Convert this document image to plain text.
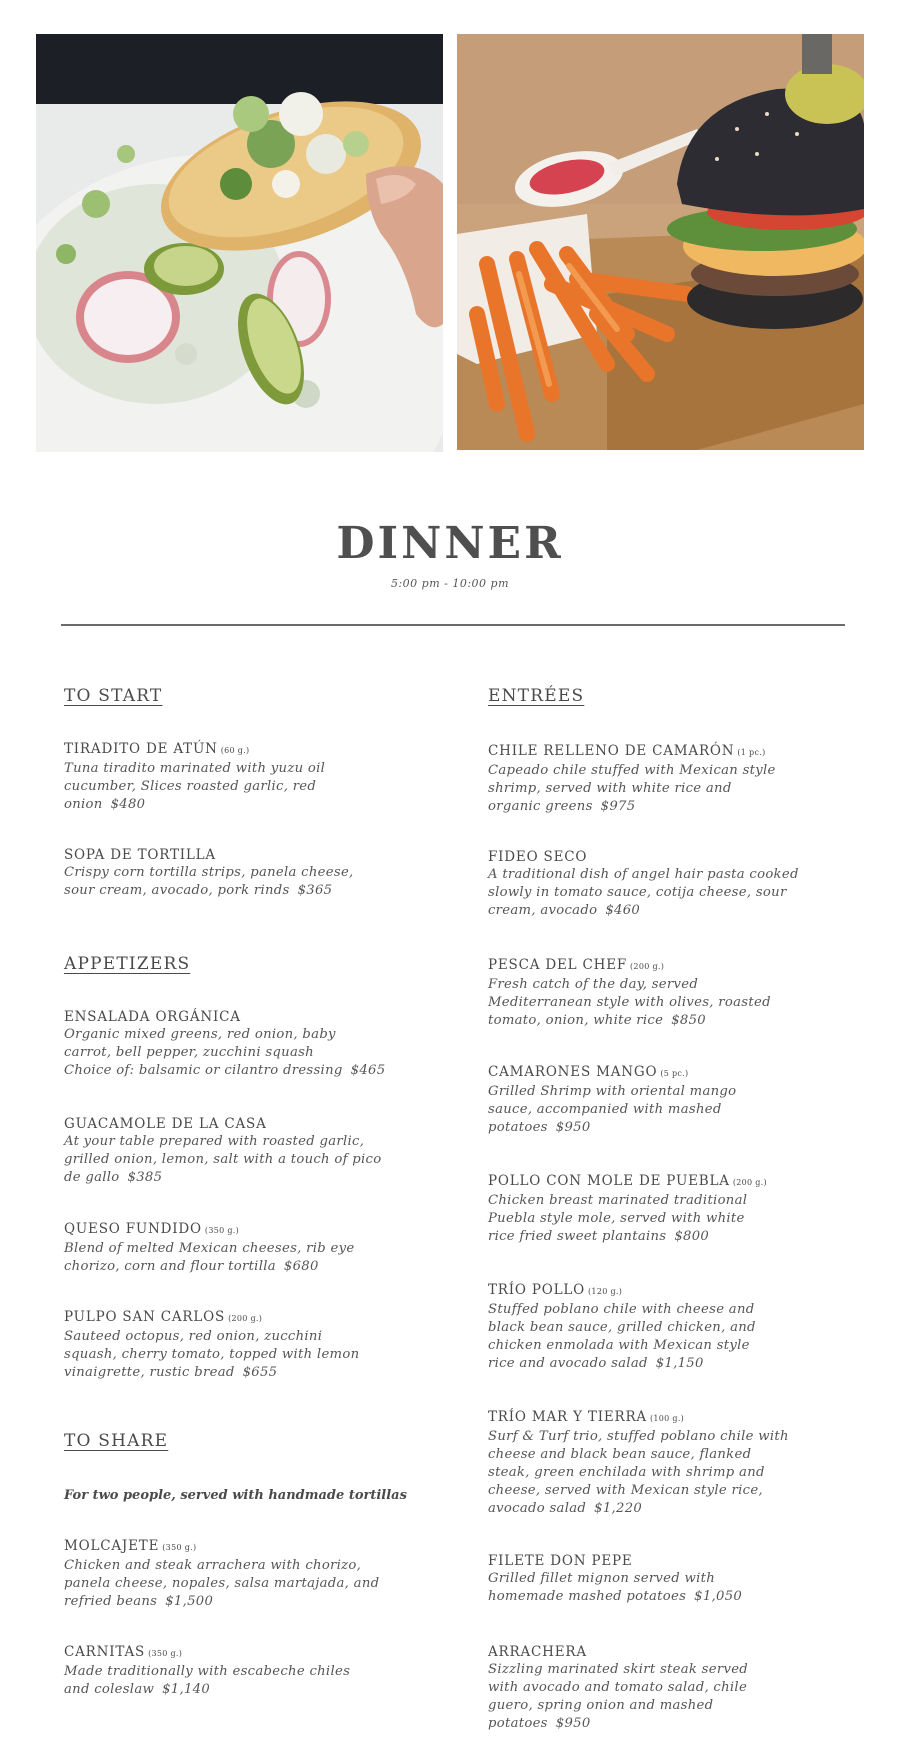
DINNER
5:00 pm - 10:00 pm
TO START
TIRADITO DE ATÚN (60 g.)
Tuna tiradito marinated with yuzu oil
cucumber, Slices roasted garlic, red
onion $480
SOPA DE TORTILLA
Crispy corn tortilla strips, panela cheese,
sour cream, avocado, pork rinds $365
APPETIZERS
ENSALADA ORGÁNICA
Organic mixed greens, red onion, baby
carrot, bell pepper, zucchini squash
Choice of: balsamic or cilantro dressing $465
GUACAMOLE DE LA CASA
At your table prepared with roasted garlic,
grilled onion, lemon, salt with a touch of pico
de gallo $385
QUESO FUNDIDO (350 g.)
Blend of melted Mexican cheeses, rib eye
chorizo, corn and flour tortilla $680
PULPO SAN CARLOS (200 g.)
Sauteed octopus, red onion, zucchini
squash, cherry tomato, topped with lemon
vinaigrette, rustic bread $655
TO SHARE
For two people, served with handmade tortillas
MOLCAJETE (350 g.)
Chicken and steak arrachera with chorizo,
panela cheese, nopales, salsa martajada, and
refried beans $1,500
CARNITAS (350 g.)
Made traditionally with escabeche chiles
and coleslaw $1,140
ENTRÉES
CHILE RELLENO DE CAMARÓN (1 pc.)
Capeado chile stuffed with Mexican style
shrimp, served with white rice and
organic greens $975
FIDEO SECO
A traditional dish of angel hair pasta cooked
slowly in tomato sauce, cotija cheese, sour
cream, avocado $460
PESCA DEL CHEF (200 g.)
Fresh catch of the day, served
Mediterranean style with olives, roasted
tomato, onion, white rice $850
CAMARONES MANGO (5 pc.)
Grilled Shrimp with oriental mango
sauce, accompanied with mashed
potatoes $950
POLLO CON MOLE DE PUEBLA (200 g.)
Chicken breast marinated traditional
Puebla style mole, served with white
rice fried sweet plantains $800
TRÍO POLLO (120 g.)
Stuffed poblano chile with cheese and
black bean sauce, grilled chicken, and
chicken enmolada with Mexican style
rice and avocado salad $1,150
TRÍO MAR Y TIERRA (100 g.)
Surf & Turf trio, stuffed poblano chile with
cheese and black bean sauce, flanked
steak, green enchilada with shrimp and
cheese, served with Mexican style rice,
avocado salad $1,220
FILETE DON PEPE
Grilled fillet mignon served with
homemade mashed potatoes $1,050
ARRACHERA
Sizzling marinated skirt steak served
with avocado and tomato salad, chile
guero, spring onion and mashed
potatoes $950
